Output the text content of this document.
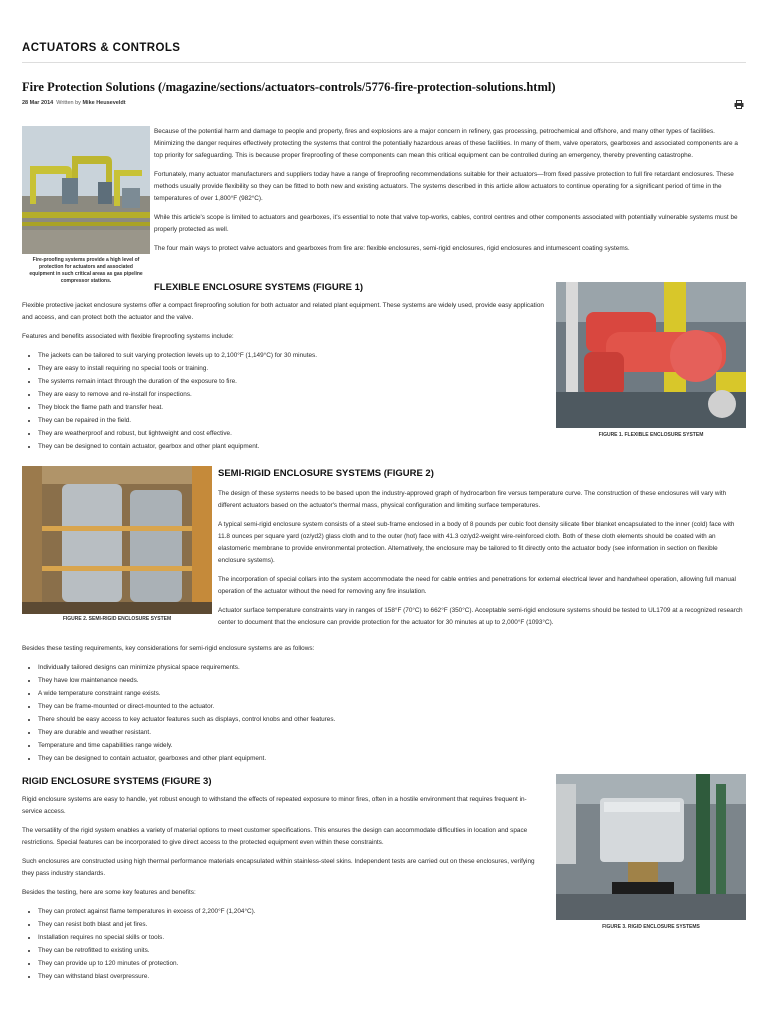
ACTUATORS & CONTROLS
Fire Protection Solutions (/magazine/sections/actuators-controls/5776-fire-protection-solutions.html)
28 Mar 2014 Written by Mike Heuseveldt
Fire-proofing systems provide a high level of protection for actuators and associated equipment in such critical areas as gas pipeline compressor stations.

Because of the potential harm and damage to people and property, fires and explosions are a major concern in refinery, gas processing, petrochemical and offshore, and many other types of facilities. Minimizing the danger requires effectively protecting the systems that control the potentially hazardous areas of these facilities. In many of them, valve operators, gearboxes and associated components are a top priority for safeguarding. This is because proper fireproofing of these components can mean this critical equipment can be controlled during an emergency, thereby preventing catastrophe.

Fortunately, many actuator manufacturers and suppliers today have a range of fireproofing recommendations suitable for their actuators—from fixed passive protection to full fire retardant enclosures. These methods usually provide flexibility so they can be fitted to both new and existing actuators. The systems described in this article allow actuators to continue operating for a significant period of time in the temperatures of over 1,800°F (982°C).

While this article's scope is limited to actuators and gearboxes, it's essential to note that valve top-works, cables, control centres and other components associated with potentially vulnerable systems must be properly protected as well.

The four main ways to protect valve actuators and gearboxes from fire are: flexible enclosures, semi-rigid enclosures, rigid enclosures and intumescent coating systems.

FLEXIBLE ENCLOSURE SYSTEMS (FIGURE 1)

Flexible protective jacket enclosure systems offer a compact fireproofing solution for both actuator and related plant equipment. These systems are widely used, provide easy application and access, and can protect both the actuator and the valve.

Features and benefits associated with flexible fireproofing systems include:

• The jackets can be tailored to suit varying protection levels up to 2,100°F (1,149°C) for 30 minutes.
• They are easy to install requiring no special tools or training.
• The systems remain intact through the duration of the exposure to fire.
• They are easy to remove and re-install for inspections.
• They block the flame path and transfer heat.
• They can be repaired in the field.
• They are weatherproof and robust, but lightweight and cost effective.
• They can be designed to contain actuator, gearbox and other plant equipment.
FIGURE 1. FLEXIBLE ENCLOSURE SYSTEM
FIGURE 2. SEMI-RIGID ENCLOSURE SYSTEM
SEMI-RIGID ENCLOSURE SYSTEMS (FIGURE 2)

The design of these systems needs to be based upon the industry-approved graph of hydrocarbon fire versus temperature curve. The construction of these enclosures will vary with different actuators based on the actuator's thermal mass, physical configuration and limiting surface temperatures.

A typical semi-rigid enclosure system consists of a steel sub-frame enclosed in a body of 8 pounds per cubic foot density silicate fiber blanket encapsulated to the inner (cold) face with 11.8 ounces per square yard (oz/yd2) glass cloth and to the outer (hot) face with 41.3 oz/yd2-weight wire-reinforced cloth. Both of these cloth elements should be coated with an elastomeric membrane to provide environmental protection. Alternatively, the enclosure may be tailored to fit directly onto the actuator body (see information in section on flexible enclosure systems).

The incorporation of special collars into the system accommodate the need for cable entries and penetrations for external electrical lever and handwheel operation, allowing full manual operation of the actuator without the need for removing any fire insulation.

Actuator surface temperature constraints vary in ranges of 158°F (70°C) to 662°F (350°C). Acceptable semi-rigid enclosure systems should be tested to UL1709 at a recognized research center to document that the enclosure can provide protection for the actuator for 30 minutes at up to 2,000°F (1093°C).

Besides these testing requirements, key considerations for semi-rigid enclosure systems are as follows:

• Individually tailored designs can minimize physical space requirements.
• They have low maintenance needs.
• A wide temperature constraint range exists.
• They can be frame-mounted or direct-mounted to the actuator.
• There should be easy access to key actuator features such as displays, control knobs and other features.
• They are durable and weather resistant.
• Temperature and time capabilities range widely.
• They can be designed to contain actuator, gearboxes and other plant equipment.
RIGID ENCLOSURE SYSTEMS (FIGURE 3)

Rigid enclosure systems are easy to handle, yet robust enough to withstand the effects of repeated exposure to minor fires, often in a hostile environment that requires frequent in-service access.

The versatility of the rigid system enables a variety of material options to meet customer specifications. This ensures the design can accommodate difficulties in location and space restrictions. Special features can be incorporated to give direct access to the protected equipment even within these constraints.

Such enclosures are constructed using high thermal performance materials encapsulated within stainless-steel skins. Independent tests are carried out on these enclosures, verifying they pass industry standards.

Besides the testing, here are some key features and benefits:

• They can protect against flame temperatures in excess of 2,200°F (1,204°C).
• They can resist both blast and jet fires.
• Installation requires no special skills or tools.
• They can be retrofitted to existing units.
• They can provide up to 120 minutes of protection.
• They can withstand blast overpressure.
FIGURE 3. RIGID ENCLOSURE SYSTEMS
